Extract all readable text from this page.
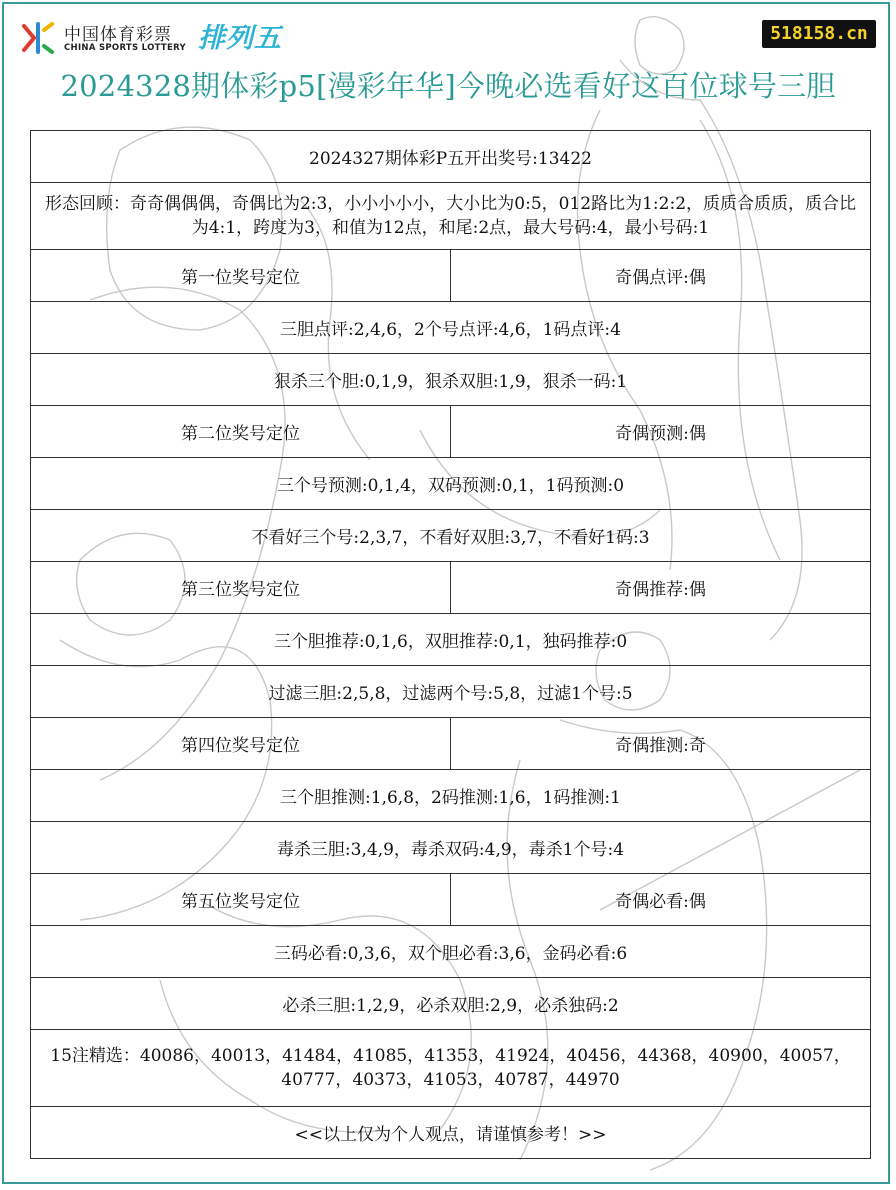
中国体育彩票
CHINA SPORTS LOTTERY 排列五	518158.cn
2024328期体彩p5[漫彩年华]今晚必选看好这百位球号三胆
2024327期体彩P五开出奖号:13422	
形态回顾：奇奇偶偶偶，奇偶比为2:3，小小小小小，大小比为0:5，012路比为1:2:2，质质合质质，质合比为4:1，跨度为3，和值为12点，和尾:2点，最大号码:4，最小号码:1	
第一位奖号定位	奇偶点评:偶
三胆点评:2,4,6，2个号点评:4,6，1码点评:4	
狠杀三个胆:0,1,9，狠杀双胆:1,9，狠杀一码:1	
第二位奖号定位	奇偶预测:偶
三个号预测:0,1,4，双码预测:0,1，1码预测:0	
不看好三个号:2,3,7，不看好双胆:3,7，不看好1码:3	
第三位奖号定位	奇偶推荐:偶
三个胆推荐:0,1,6，双胆推荐:0,1，独码推荐:0	
过滤三胆:2,5,8，过滤两个号:5,8，过滤1个号:5	
第四位奖号定位	奇偶推测:奇
三个胆推测:1,6,8，2码推测:1,6，1码推测:1	
毒杀三胆:3,4,9，毒杀双码:4,9，毒杀1个号:4	
第五位奖号定位	奇偶必看:偶
三码必看:0,3,6，双个胆必看:3,6，金码必看:6	
必杀三胆:1,2,9，必杀双胆:2,9，必杀独码:2	
15注精选：40086，40013，41484，41085，41353，41924，40456，44368，40900，40057，40777，40373，41053，40787，44970	
<<以上仅为个人观点，请谨慎参考！>>	
